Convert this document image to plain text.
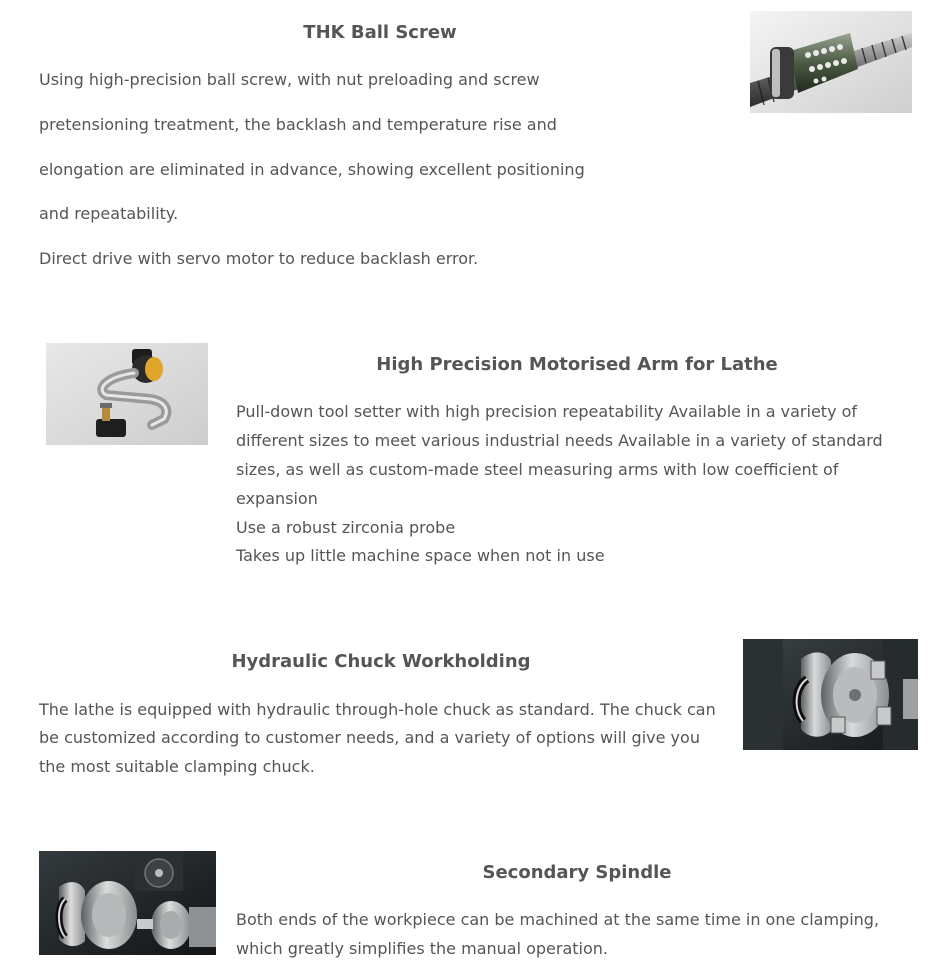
THK Ball Screw

Using high-precision ball screw, with nut preloading and screw

pretensioning treatment, the backlash and temperature rise and

elongation are eliminated in advance, showing excellent positioning

and repeatability.

Direct drive with servo motor to reduce backlash error.

High Precision Motorised Arm for Lathe

Pull-down tool setter with high precision repeatability Available in a variety of

different sizes to meet various industrial needs Available in a variety of standard

sizes, as well as custom-made steel measuring arms with low coefficient of

expansion

Use a robust zirconia probe

Takes up little machine space when not in use

Hydraulic Chuck Workholding

The lathe is equipped with hydraulic through-hole chuck as standard. The chuck can

be customized according to customer needs, and a variety of options will give you

the most suitable clamping chuck.

Secondary Spindle

Both ends of the workpiece can be machined at the same time in one clamping,

which greatly simplifies the manual operation.
